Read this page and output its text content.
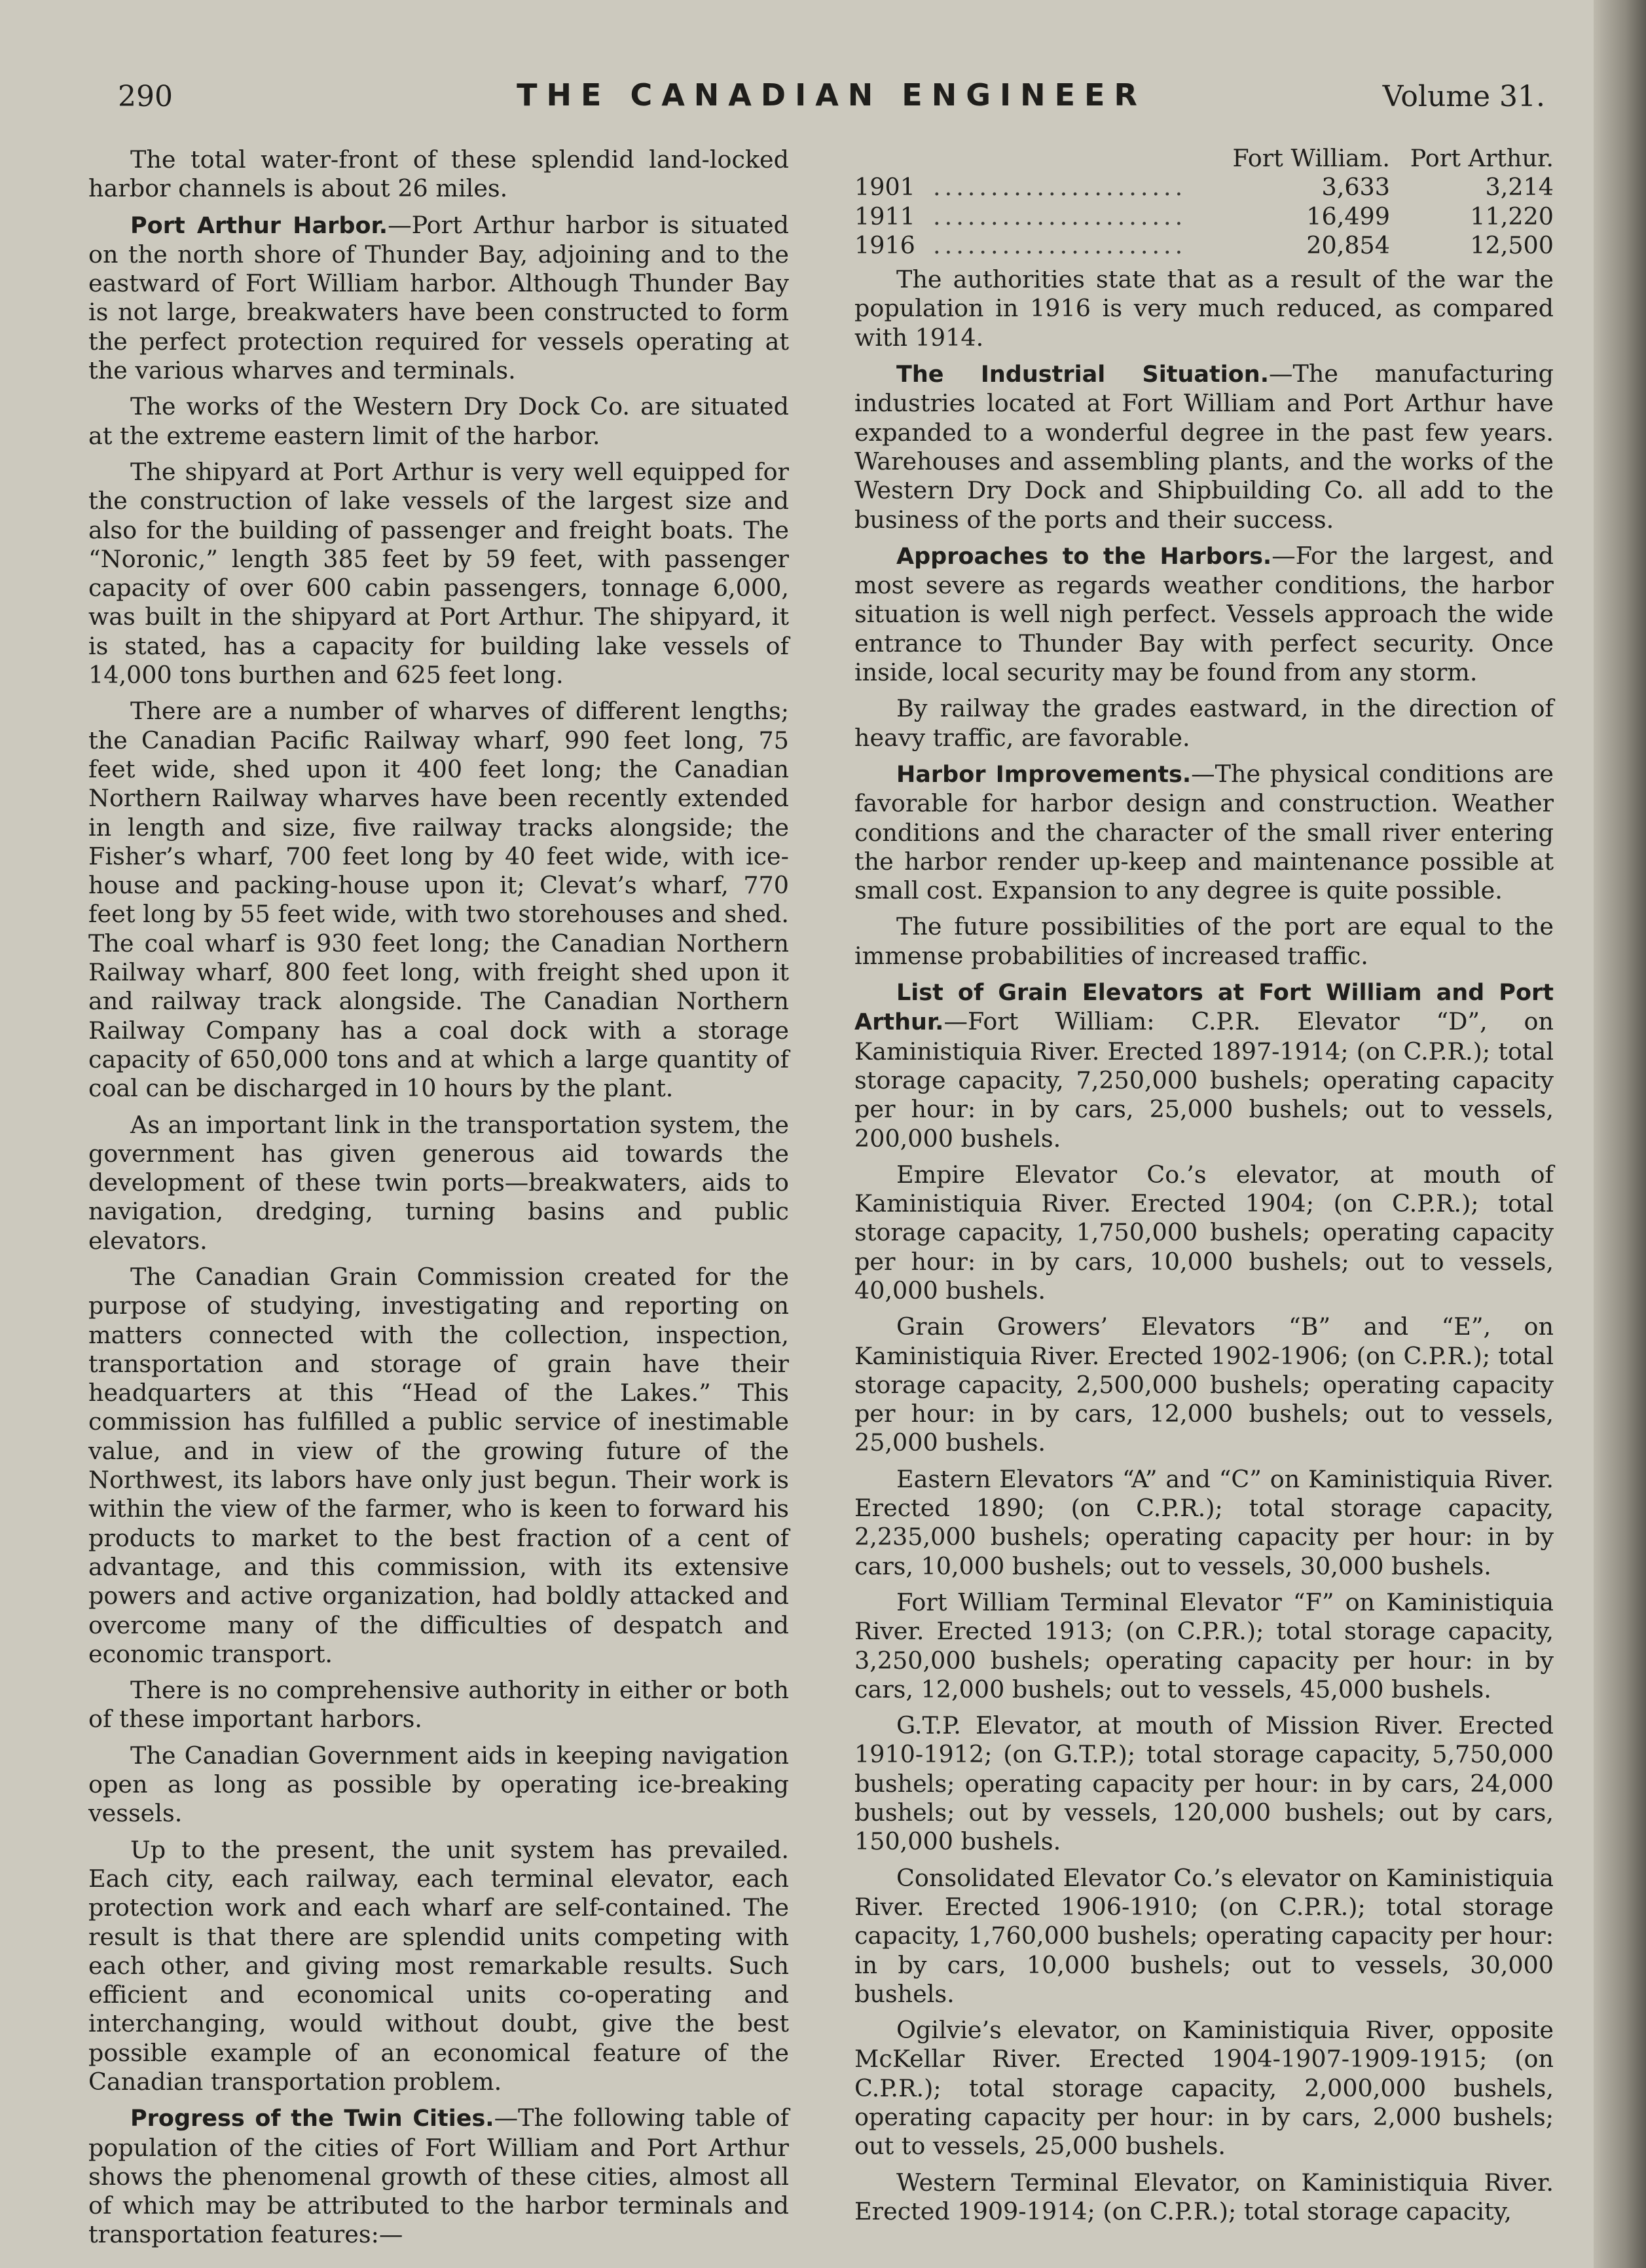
290	THE CANADIAN ENGINEER	Volume 31.

The total water-front of these splendid land-locked harbor channels is about 26 miles.

Port Arthur Harbor.—Port Arthur harbor is situated on the north shore of Thunder Bay, adjoining and to the eastward of Fort William harbor. Although Thunder Bay is not large, breakwaters have been constructed to form the perfect protection required for vessels operating at the various wharves and terminals.

The works of the Western Dry Dock Co. are situated at the extreme eastern limit of the harbor.

The shipyard at Port Arthur is very well equipped for the construction of lake vessels of the largest size and also for the building of passenger and freight boats. The “Noronic,” length 385 feet by 59 feet, with passenger capacity of over 600 cabin passengers, tonnage 6,000, was built in the shipyard at Port Arthur. The shipyard, it is stated, has a capacity for building lake vessels of 14,000 tons burthen and 625 feet long.

There are a number of wharves of different lengths; the Canadian Pacific Railway wharf, 990 feet long, 75 feet wide, shed upon it 400 feet long; the Canadian Northern Railway wharves have been recently extended in length and size, five railway tracks alongside; the Fisher’s wharf, 700 feet long by 40 feet wide, with ice-house and packing-house upon it; Clevat’s wharf, 770 feet long by 55 feet wide, with two storehouses and shed. The coal wharf is 930 feet long; the Canadian Northern Railway wharf, 800 feet long, with freight shed upon it and railway track alongside. The Canadian Northern Railway Company has a coal dock with a storage capacity of 650,000 tons and at which a large quantity of coal can be discharged in 10 hours by the plant.

As an important link in the transportation system, the government has given generous aid towards the development of these twin ports—breakwaters, aids to navigation, dredging, turning basins and public elevators.

The Canadian Grain Commission created for the purpose of studying, investigating and reporting on matters connected with the collection, inspection, transportation and storage of grain have their headquarters at this “Head of the Lakes.” This commission has fulfilled a public service of inestimable value, and in view of the growing future of the Northwest, its labors have only just begun. Their work is within the view of the farmer, who is keen to forward his products to market to the best fraction of a cent of advantage, and this commission, with its extensive powers and active organization, had boldly attacked and overcome many of the difficulties of despatch and economic transport.

There is no comprehensive authority in either or both of these important harbors.

The Canadian Government aids in keeping navigation open as long as possible by operating ice-breaking vessels.

Up to the present, the unit system has prevailed. Each city, each railway, each terminal elevator, each protection work and each wharf are self-contained. The result is that there are splendid units competing with each other, and giving most remarkable results. Such efficient and economical units co-operating and interchanging, would without doubt, give the best possible example of an economical feature of the Canadian transportation problem.

Progress of the Twin Cities.—The following table of population of the cities of Fort William and Port Arthur shows the phenomenal growth of these cities, almost all of which may be attributed to the harbor terminals and transportation features:—

Fort William. Port Arthur.
1901 ......................	3,633	3,214
1911 ......................	16,499	11,220
1916 ......................	20,854	12,500

The authorities state that as a result of the war the population in 1916 is very much reduced, as compared with 1914.

The Industrial Situation.—The manufacturing industries located at Fort William and Port Arthur have expanded to a wonderful degree in the past few years. Warehouses and assembling plants, and the works of the Western Dry Dock and Shipbuilding Co. all add to the business of the ports and their success.

Approaches to the Harbors.—For the largest, and most severe as regards weather conditions, the harbor situation is well nigh perfect. Vessels approach the wide entrance to Thunder Bay with perfect security. Once inside, local security may be found from any storm.

By railway the grades eastward, in the direction of heavy traffic, are favorable.

Harbor Improvements.—The physical conditions are favorable for harbor design and construction. Weather conditions and the character of the small river entering the harbor render up-keep and maintenance possible at small cost. Expansion to any degree is quite possible.

The future possibilities of the port are equal to the immense probabilities of increased traffic.

List of Grain Elevators at Fort William and Port Arthur.—Fort William: C.P.R. Elevator “D”, on Kaministiquia River. Erected 1897-1914; (on C.P.R.); total storage capacity, 7,250,000 bushels; operating capacity per hour: in by cars, 25,000 bushels; out to vessels, 200,000 bushels.

Empire Elevator Co.’s elevator, at mouth of Kaministiquia River. Erected 1904; (on C.P.R.); total storage capacity, 1,750,000 bushels; operating capacity per hour: in by cars, 10,000 bushels; out to vessels, 40,000 bushels.

Grain Growers’ Elevators “B” and “E”, on Kaministiquia River. Erected 1902-1906; (on C.P.R.); total storage capacity, 2,500,000 bushels; operating capacity per hour: in by cars, 12,000 bushels; out to vessels, 25,000 bushels.

Eastern Elevators “A” and “C” on Kaministiquia River. Erected 1890; (on C.P.R.); total storage capacity, 2,235,000 bushels; operating capacity per hour: in by cars, 10,000 bushels; out to vessels, 30,000 bushels.

Fort William Terminal Elevator “F” on Kaministiquia River. Erected 1913; (on C.P.R.); total storage capacity, 3,250,000 bushels; operating capacity per hour: in by cars, 12,000 bushels; out to vessels, 45,000 bushels.

G.T.P. Elevator, at mouth of Mission River. Erected 1910-1912; (on G.T.P.); total storage capacity, 5,750,000 bushels; operating capacity per hour: in by cars, 24,000 bushels; out by vessels, 120,000 bushels; out by cars, 150,000 bushels.

Consolidated Elevator Co.’s elevator on Kaministiquia River. Erected 1906-1910; (on C.P.R.); total storage capacity, 1,760,000 bushels; operating capacity per hour: in by cars, 10,000 bushels; out to vessels, 30,000 bushels.

Ogilvie’s elevator, on Kaministiquia River, opposite McKellar River. Erected 1904-1907-1909-1915; (on C.P.R.); total storage capacity, 2,000,000 bushels, operating capacity per hour: in by cars, 2,000 bushels; out to vessels, 25,000 bushels.

Western Terminal Elevator, on Kaministiquia River. Erected 1909-1914; (on C.P.R.); total storage capacity,
